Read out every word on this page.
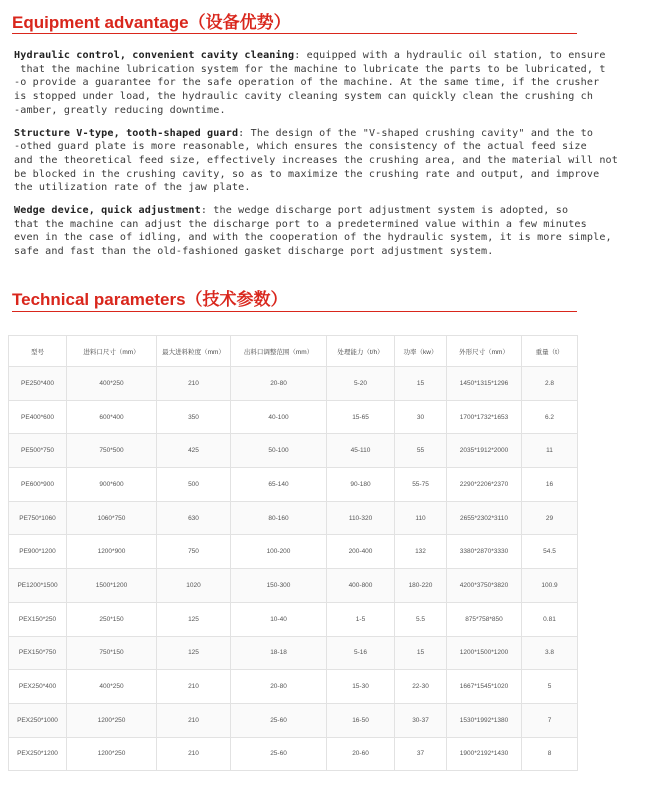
Equipment advantage（设备优势）

Hydraulic control, convenient cavity cleaning: equipped with a hydraulic oil station, to ensure
that the machine lubrication system for the machine to lubricate the parts to be lubricated, t
-o provide a guarantee for the safe operation of the machine. At the same time, if the crusher
is stopped under load, the hydraulic cavity cleaning system can quickly clean the crushing ch
-amber, greatly reducing downtime.

Structure V-type, tooth-shaped guard: The design of the "V-shaped crushing cavity" and the to
-othed guard plate is more reasonable, which ensures the consistency of the actual feed size
and the theoretical feed size, effectively increases the crushing area, and the material will not
be blocked in the crushing cavity, so as to maximize the crushing rate and output, and improve
the utilization rate of the jaw plate.

Wedge device, quick adjustment: the wedge discharge port adjustment system is adopted, so
that the machine can adjust the discharge port to a predetermined value within a few minutes
even in the case of idling, and with the cooperation of the hydraulic system, it is more simple,
safe and fast than the old-fashioned gasket discharge port adjustment system.

Technical parameters（技术参数）
型号	进料口尺寸（mm）	最大进料粒度（mm）	出料口调整范围（mm）	处理能力（t/h）	功率（kw）	外形尺寸（mm）	重量（t）
PE250*400	400*250	210	20-80	5-20	15	1450*1315*1296	2.8
PE400*600	600*400	350	40-100	15-65	30	1700*1732*1653	6.2
PE500*750	750*500	425	50-100	45-110	55	2035*1912*2000	11
PE600*900	900*600	500	65-140	90-180	55-75	2290*2206*2370	16
PE750*1060	1060*750	630	80-160	110-320	110	2655*2302*3110	29
PE900*1200	1200*900	750	100-200	200-400	132	3380*2870*3330	54.5
PE1200*1500	1500*1200	1020	150-300	400-800	180-220	4200*3750*3820	100.9
PEX150*250	250*150	125	10-40	1-5	5.5	875*758*850	0.81
PEX150*750	750*150	125	18-18	5-16	15	1200*1500*1200	3.8
PEX250*400	400*250	210	20-80	15-30	22-30	1667*1545*1020	5
PEX250*1000	1200*250	210	25-60	16-50	30-37	1530*1992*1380	7
PEX250*1200	1200*250	210	25-60	20-60	37	1900*2192*1430	8
